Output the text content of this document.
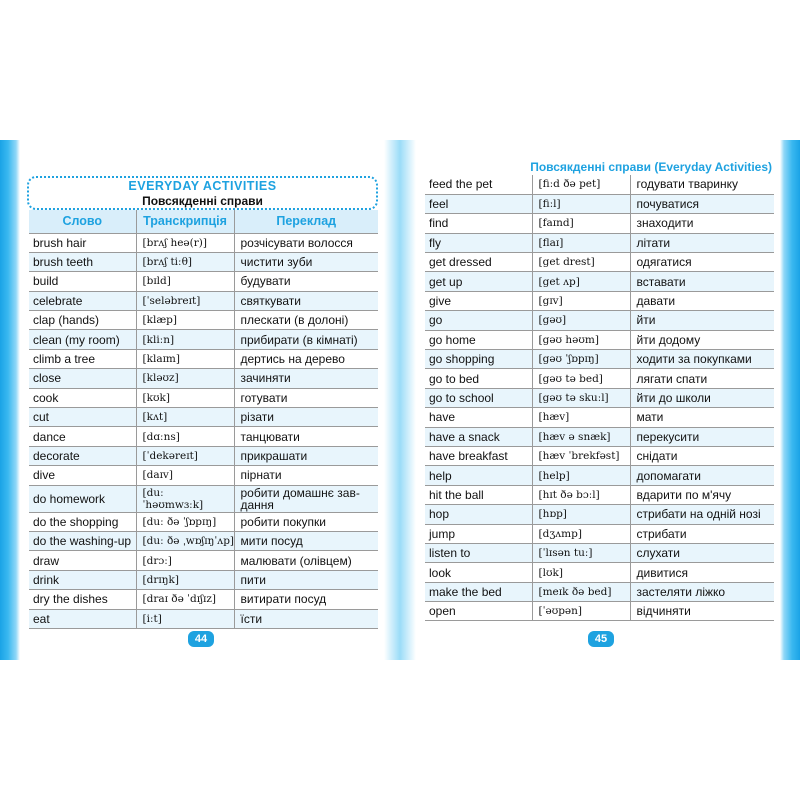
EVERYDAY ACTIVITIES
Повсякденні справи
Слово	Транскрипція	Переклад
brush hair	[brʌʃ heə(r)]	розчісувати волосся
brush teeth	[brʌʃ tiːθ]	чистити зуби
build	[bɪld]	будувати
celebrate	[ˈseləbreɪt]	святкувати
clap (hands)	[klæp]	плескати (в долоні)
clean (my room)	[kliːn]	прибирати (в кімнаті)
climb a tree	[klaɪm]	дертись на дерево
close	[kləʊz]	зачиняти
cook	[kʊk]	готувати
cut	[kʌt]	різати
dance	[dɑːns]	танцювати
decorate	[ˈdekəreɪt]	прикрашати
dive	[daɪv]	пірнати
do homework	[duː ˈhəʊmwɜːk]	робити домашнє зав-дання
do the shopping	[duː ðə ˈʃɒpɪŋ]	робити покупки
do the washing-up	[duː ðə ˌwɒʃɪŋˈʌp]	мити посуд
draw	[drɔː]	малювати (олівцем)
drink	[drɪŋk]	пити
dry the dishes	[draɪ ðə ˈdɪʃɪz]	витирати посуд
eat	[iːt]	їсти
44
Повсякденні справи (Everyday Activities)
feed the pet	[fiːd ðə pet]	годувати тваринку
feel	[fiːl]	почуватися
find	[faɪnd]	знаходити
fly	[flaɪ]	літати
get dressed	[get drest]	одягатися
get up	[get ʌp]	вставати
give	[gɪv]	давати
go	[gəʊ]	йти
go home	[gəʊ həʊm]	йти додому
go shopping	[gəʊ ˈʃɒpɪŋ]	ходити за покупками
go to bed	[gəʊ tə bed]	лягати спати
go to school	[gəʊ tə skuːl]	йти до школи
have	[hæv]	мати
have a snack	[hæv ə snæk]	перекусити
have breakfast	[hæv ˈbrekfəst]	снідати
help	[help]	допомагати
hit the ball	[hɪt ðə bɔːl]	вдарити по м'ячу
hop	[hɒp]	стрибати на одній нозі
jump	[dʒʌmp]	стрибати
listen to	[ˈlɪsən tuː]	слухати
look	[lʊk]	дивитися
make the bed	[meɪk ðə bed]	застеляти ліжко
open	[ˈəʊpən]	відчиняти
45
